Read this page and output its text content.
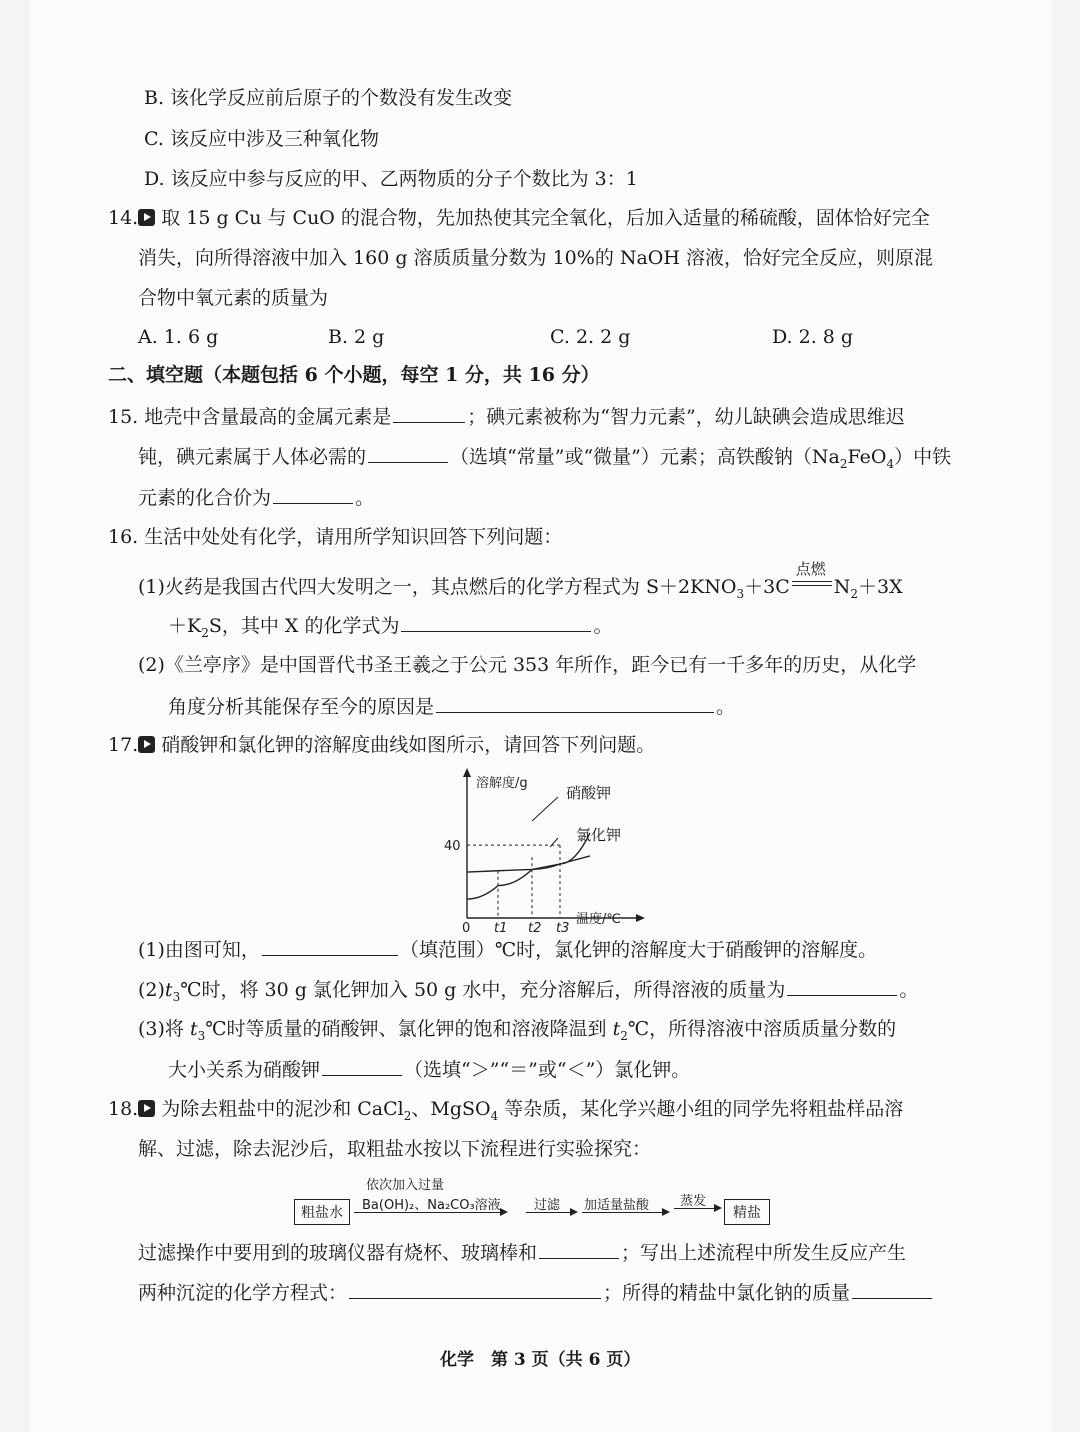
B. 该化学反应前后原子的个数没有发生改变
C. 该反应中涉及三种氧化物
D. 该反应中参与反应的甲、乙两物质的分子个数比为 3：1
14. 取 15 g Cu 与 CuO 的混合物，先加热使其完全氧化，后加入适量的稀硫酸，固体恰好完全
消失，向所得溶液中加入 160 g 溶质质量分数为 10%的 NaOH 溶液，恰好完全反应，则原混
合物中氧元素的质量为
A. 1. 6 g	B. 2 g	C. 2. 2 g	D. 2. 8 g
二、填空题（本题包括 6 个小题，每空 1 分，共 16 分）
15. 地壳中含量最高的金属元素是	；碘元素被称为“智力元素”，幼儿缺碘会造成思维迟
钝，碘元素属于人体必需的	（选填“常量”或“微量”）元素；高铁酸钠$(Na_2FeO_4)$中铁
元素的化合价为	。
16. 生活中处处有化学，请用所学知识回答下列问题：
(1)火药是我国古代四大发明之一，其点燃后的化学方程式为 $S+2KNO_3+3C$
点燃
$N_2+3X$
$+K_2S$，其中 X 的化学式为	。
(2)《兰亭序》是中国晋代书圣王羲之于公元 353 年所作，距今已有一千多年的历史，从化学
角度分析其能保存至今的原因是	。
17. 硝酸钾和氯化钾的溶解度曲线如图所示，请回答下列问题。
溶解度/g
温度/℃
40
0 t1 t2 t3
硝酸钾
氯化钾
(1)由图可知，	（填范围）℃时，氯化钾的溶解度大于硝酸钾的溶解度。
$(2)t_3℃$时，将 30 g 氯化钾加入 50 g 水中，充分溶解后，所得溶液的质量为	。
(3)将 $t_3℃$时等质量的硝酸钾、氯化钾的饱和溶液降温到 $t_2℃$，所得溶液中溶质质量分数的
大小关系为硝酸钾	（选填“＞”“＝”或“＜”）氯化钾。
18. 为除去粗盐中的泥沙和 CaCl$_2$、MgSO$_4$ 等杂质，某化学兴趣小组的同学先将粗盐样品溶
解、过滤，除去泥沙后，取粗盐水按以下流程进行实验探究：
粗盐水
依次加入过量
Ba(OH)₂、Na₂CO₃溶液	过滤 加适量盐酸 蒸发
精盐
过滤操作中要用到的玻璃仪器有烧杯、玻璃棒和	；写出上述流程中所发生反应产生
两种沉淀的化学方程式：	；所得的精盐中氯化钠的质量
化学　第 3 页（共 6 页）
